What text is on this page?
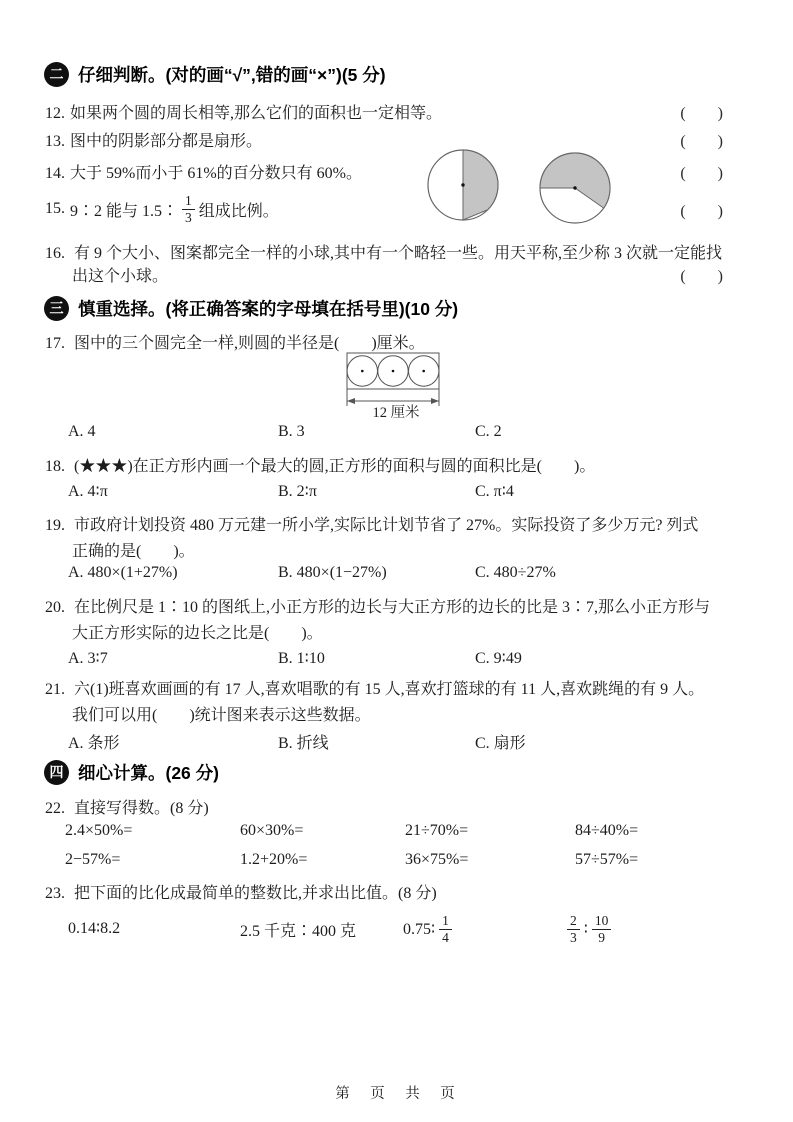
二 仔细判断。(对的画“√”,错的画“×”)(5 分)
12. 如果两个圆的周长相等,那么它们的面积也一定相等。	(　　)
13. 图中的阴影部分都是扇形。	(　　)
14. 大于 59%而小于 61%的百分数只有 60%。	(　　)
15. 9∶2 能与 1.5∶ $\frac{1}{3}$ 组成比例。	(　　)
16. 有 9 个大小、图案都完全一样的小球,其中有一个略轻一些。用天平称,至少称 3 次就一定能找
出这个小球。	(　　)
三 慎重选择。(将正确答案的字母填在括号里)(10 分)
17. 图中的三个圆完全一样,则圆的半径是(　　)厘米。
12 厘米
A. 4	B. 3	C. 2
18. (★★★)在正方形内画一个最大的圆,正方形的面积与圆的面积比是(　　)。
A. 4∶π	B. 2∶π	C. π∶4
19. 市政府计划投资 480 万元建一所小学,实际比计划节省了 27%。实际投资了多少万元? 列式
正确的是(　　)。
A. 480×(1+27%)	B. 480×(1−27%)	C. 480÷27%
20. 在比例尺是 1∶10 的图纸上,小正方形的边长与大正方形的边长的比是 3∶7,那么小正方形与
大正方形实际的边长之比是(　　)。
A. 3∶7	B. 1∶10	C. 9∶49
21. 六(1)班喜欢画画的有 17 人,喜欢唱歌的有 15 人,喜欢打篮球的有 11 人,喜欢跳绳的有 9 人。
我们可以用(　　)统计图来表示这些数据。
A. 条形	B. 折线	C. 扇形
四 细心计算。(26 分)
22. 直接写得数。(8 分)
2.4×50%=	60×30%=	21÷70%=	84÷40%=
2−57%=	1.2+20%=	36×75%=	57÷57%=
23. 把下面的比化成最简单的整数比,并求出比值。(8 分)
0.14∶8.2	2.5 千克∶400 克	0.75∶ $\frac{1}{4}$	$\frac{2}{3}$ ∶ $\frac{10}{9}$
第　页　共　页
